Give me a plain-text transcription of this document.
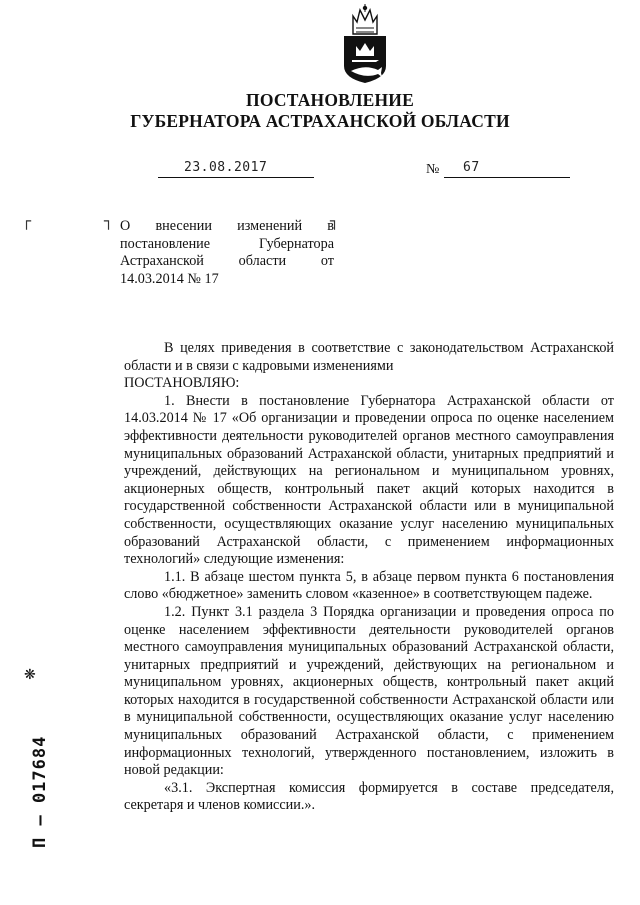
ПОСТАНОВЛЕНИЕ
ГУБЕРНАТОРА АСТРАХАНСКОЙ ОБЛАСТИ
23.08.2017	№ 67
┌	┐	┐
О внесении изменений в постановление Губернатора Астраханской области от 14.03.2014 № 17

В целях приведения в соответствие с законодательством Астраханской области и в связи с кадровыми изменениями

ПОСТАНОВЛЯЮ:

1. Внести в постановление Губернатора Астраханской области от 14.03.2014 № 17 «Об организации и проведении опроса по оценке населением эффективности деятельности руководителей органов местного самоуправления муниципальных образований Астраханской области, унитарных предприятий и учреждений, действующих на региональном и муниципальном уровнях, акционерных обществ, контрольный пакет акций которых находится в государственной собственности Астраханской области или в муниципальной собственности, осуществляющих оказание услуг населению муниципальных образований Астраханской области, с применением информационных технологий» следующие изменения:

1.1. В абзаце шестом пункта 5, в абзаце первом пункта 6 постановления слово «бюджетное» заменить словом «казенное» в соответствующем падеже.

1.2. Пункт 3.1 раздела 3 Порядка организации и проведения опроса по оценке населением эффективности деятельности руководителей органов местного самоуправления муниципальных образований Астраханской области, унитарных предприятий и учреждений, действующих на региональном и муниципальном уровнях, акционерных обществ, контрольный пакет акций которых находится в государственной собственности Астраханской области или в муниципальной собственности, осуществляющих оказание услуг населению муниципальных образований Астраханской области, с применением информационных технологий, утвержденного постановлением, изложить в новой редакции:

«3.1. Экспертная комиссия формируется в составе председателя, секретаря и членов комиссии.».

П – 017684
❋
